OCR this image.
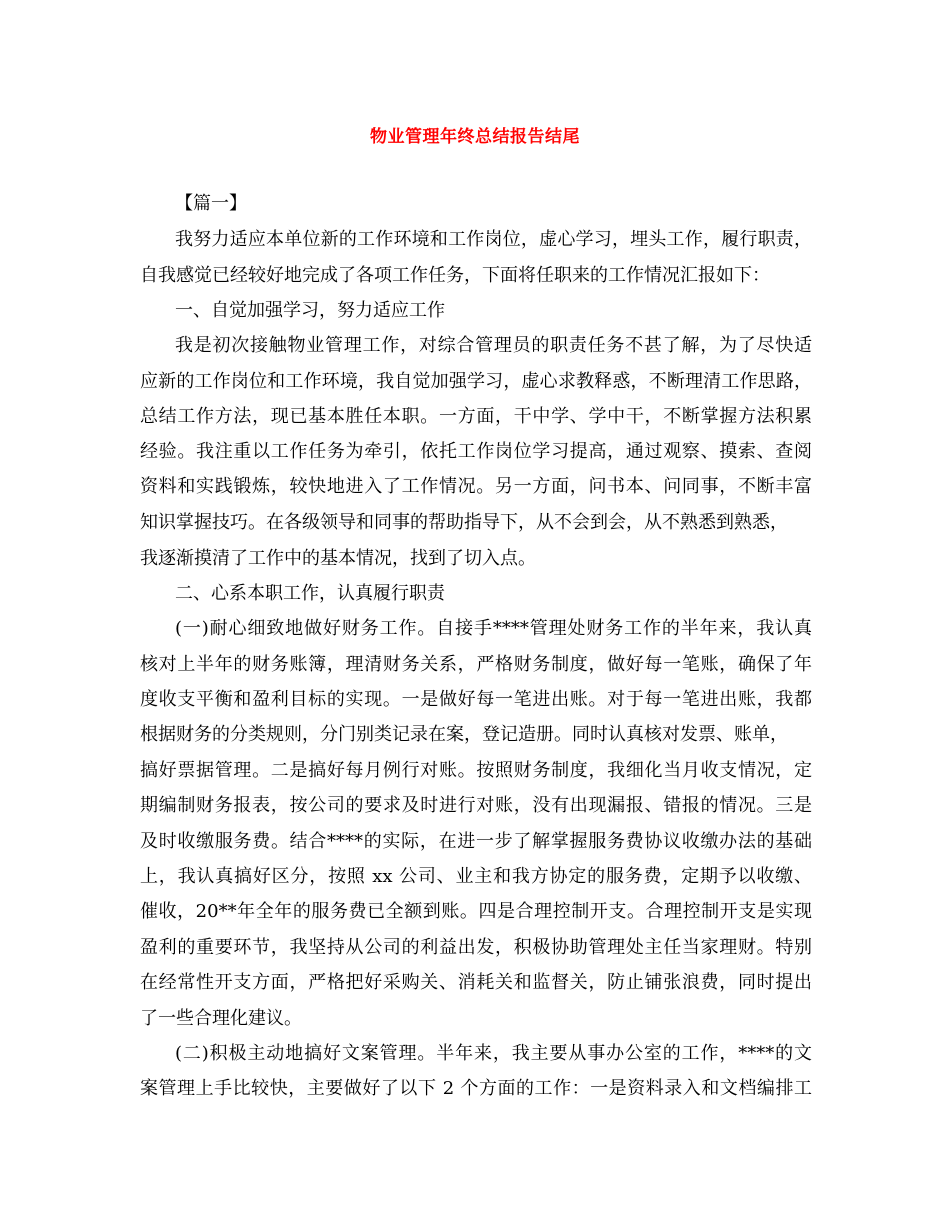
物业管理年终总结报告结尾
【篇一】
我努力适应本单位新的工作环境和工作岗位，虚心学习，埋头工作，履行职责，
自我感觉已经较好地完成了各项工作任务，下面将任职来的工作情况汇报如下：
一、自觉加强学习，努力适应工作
我是初次接触物业管理工作，对综合管理员的职责任务不甚了解，为了尽快适
应新的工作岗位和工作环境，我自觉加强学习，虚心求教释惑，不断理清工作思路，
总结工作方法，现已基本胜任本职。一方面，干中学、学中干，不断掌握方法积累
经验。我注重以工作任务为牵引，依托工作岗位学习提高，通过观察、摸索、查阅
资料和实践锻炼，较快地进入了工作情况。另一方面，问书本、问同事，不断丰富
知识掌握技巧。在各级领导和同事的帮助指导下，从不会到会，从不熟悉到熟悉，
我逐渐摸清了工作中的基本情况，找到了切入点。
二、心系本职工作，认真履行职责
(一)耐心细致地做好财务工作。自接手****管理处财务工作的半年来，我认真
核对上半年的财务账簿，理清财务关系，严格财务制度，做好每一笔账，确保了年
度收支平衡和盈利目标的实现。一是做好每一笔进出账。对于每一笔进出账，我都
根据财务的分类规则，分门别类记录在案，登记造册。同时认真核对发票、账单，
搞好票据管理。二是搞好每月例行对账。按照财务制度，我细化当月收支情况，定
期编制财务报表，按公司的要求及时进行对账，没有出现漏报、错报的情况。三是
及时收缴服务费。结合****的实际，在进一步了解掌握服务费协议收缴办法的基础
上，我认真搞好区分，按照 xx 公司、业主和我方协定的服务费，定期予以收缴、
催收，20**年全年的服务费已全额到账。四是合理控制开支。合理控制开支是实现
盈利的重要环节，我坚持从公司的利益出发，积极协助管理处主任当家理财。特别
在经常性开支方面，严格把好采购关、消耗关和监督关，防止铺张浪费，同时提出
了一些合理化建议。
(二)积极主动地搞好文案管理。半年来，我主要从事办公室的工作，****的文
案管理上手比较快，主要做好了以下 2 个方面的工作：一是资料录入和文档编排工
